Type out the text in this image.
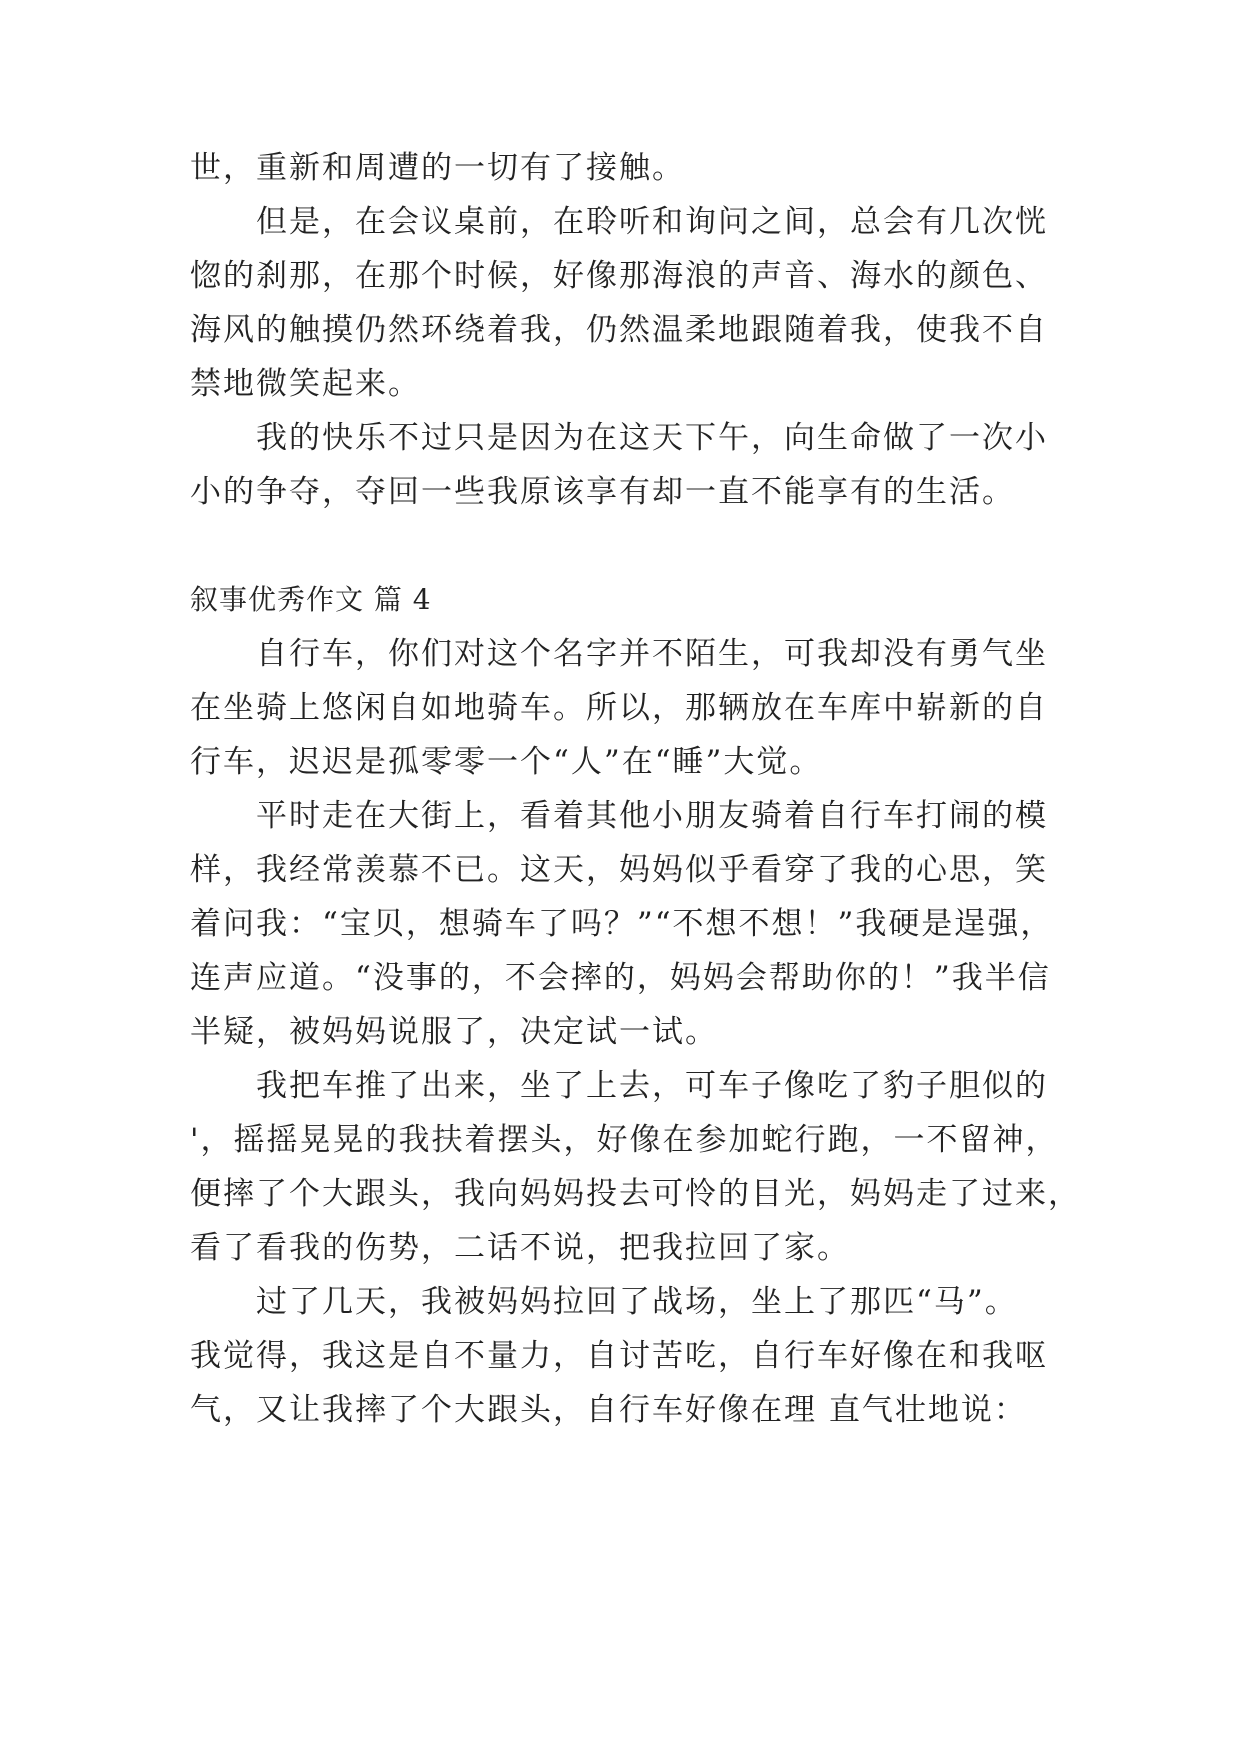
世，重新和周遭的一切有了接触。
但是，在会议桌前，在聆听和询问之间，总会有几次恍
惚的刹那，在那个时候，好像那海浪的声音、海水的颜色、
海风的触摸仍然环绕着我，仍然温柔地跟随着我，使我不自
禁地微笑起来。
我的快乐不过只是因为在这天下午，向生命做了一次小
小的争夺，夺回一些我原该享有却一直不能享有的生活。
叙事优秀作文 篇 4
自行车，你们对这个名字并不陌生，可我却没有勇气坐
在坐骑上悠闲自如地骑车。所以，那辆放在车库中崭新的自
行车，迟迟是孤零零一个“人”在“睡”大觉。
平时走在大街上，看着其他小朋友骑着自行车打闹的模
样，我经常羡慕不已。这天，妈妈似乎看穿了我的心思，笑
着问我：“宝贝，想骑车了吗？”“不想不想！”我硬是逞强，
连声应道。“没事的，不会摔的，妈妈会帮助你的！”我半信
半疑，被妈妈说服了，决定试一试。
我把车推了出来，坐了上去，可车子像吃了豹子胆似的
'，摇摇晃晃的我扶着摆头，好像在参加蛇行跑，一不留神，
便摔了个大跟头，我向妈妈投去可怜的目光，妈妈走了过来，
看了看我的伤势，二话不说，把我拉回了家。
过了几天，我被妈妈拉回了战场，坐上了那匹“马”。
我觉得，我这是自不量力，自讨苦吃，自行车好像在和我呕
气，又让我摔了个大跟头，自行车好像在理 直气壮地说：
